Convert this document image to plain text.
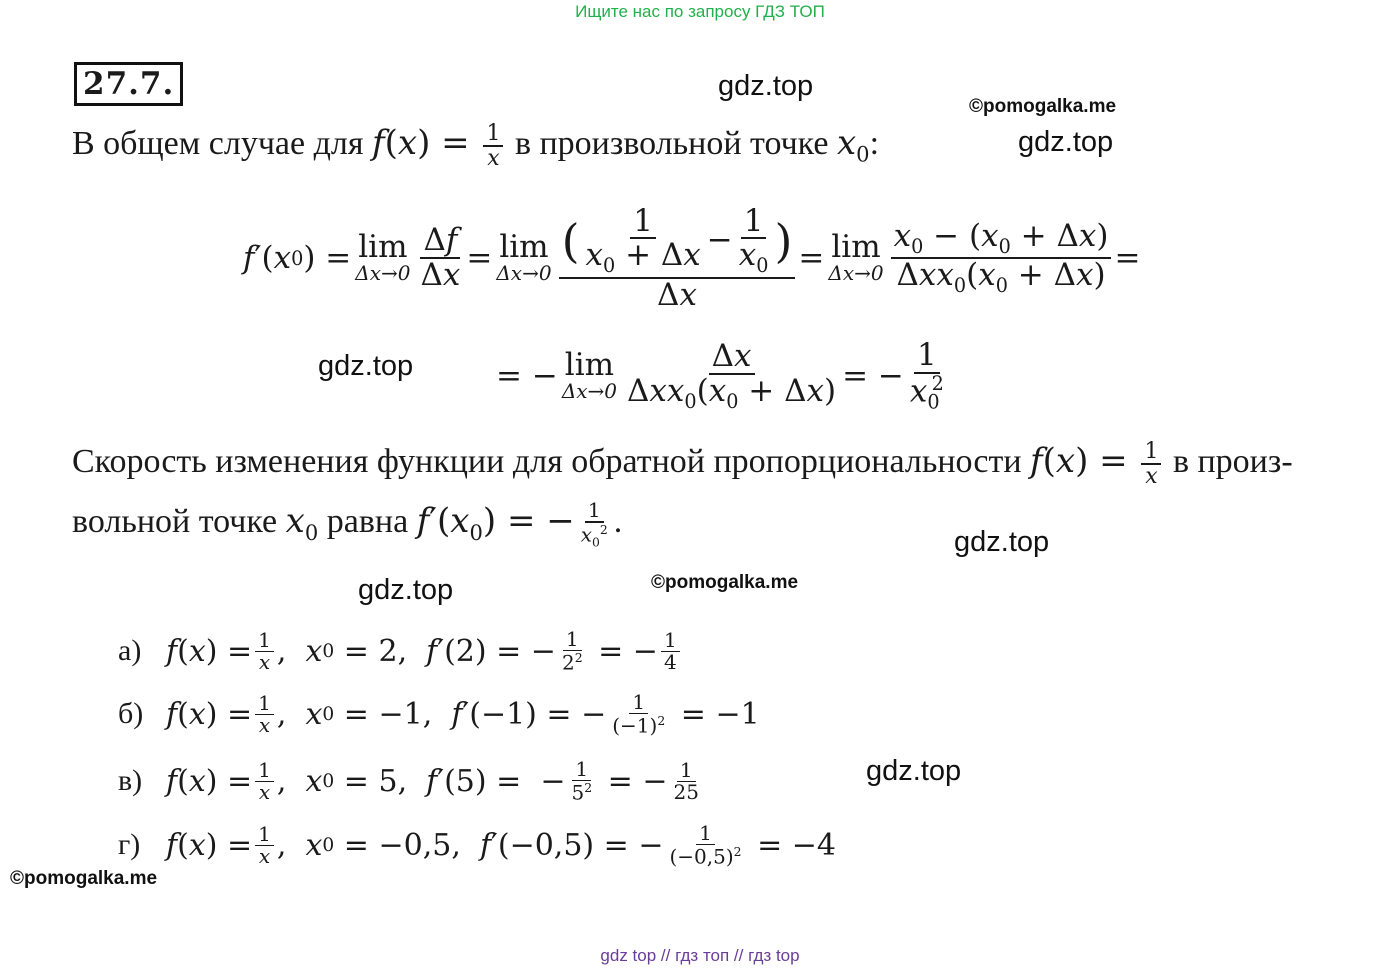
Ищите нас по запросу ГДЗ ТОП
27.7.	gdz.top
©pomogalka.me
gdz.top
gdz.top
gdz.top
gdz.top	©pomogalka.me
gdz.top
©pomogalka.me
В общем случае для $f(x) = \frac{1}{x}$ в произвольной точке $x_0$:
f ′( x 0 ) = lim
$\Delta x\to 0 \frac{\Delta f}{\Delta x} = \lim$
$\Delta x\to 0 \frac{( \frac{1}{x_0 + \Delta x} - \frac{1}{x_0} )}{\Delta x} = \lim$
$\Delta x\to 0 \frac{x_0 - (x_0 + \Delta x)}{\Delta xx_0(x_0 + \Delta x)}$ =
= − lim
$\Delta x\to 0 \frac{\Delta x}{\Delta xx_0(x_0 + \Delta x)}$ = − $\frac{1}{x_0^2}$
Скорость изменения функции для обратной пропорциональности $f(x) = \frac{1}{x}$ в произ-
вольной точке $x_0$ равна $f'(x_0)$ = − $\frac{1}{x_0^2}$ .
а) f ( x ) = $\frac{1}{x}$ , x 0 = 2 , f ′ (2) = − $\frac{1}{2^2}$
= − $\frac{1}{4}$
б) f ( x ) = $\frac{1}{x}$ , x 0 = −1 , f ′ (−1) = − $\frac{1}{(-1)^2} = -1$
в) f ( x ) = $\frac{1}{x}$ , x 0 = 5 , f ′ (5) =  − $\frac{1}{5^2}$ = − $\frac{1}{25}$
г) f ( x ) = $\frac{1}{x}$ , x 0 = −0,5 , f ′ (−0,5) = − $\frac{1}{(-0,5)^2} = -4$
gdz top // гдз топ // гдз top
